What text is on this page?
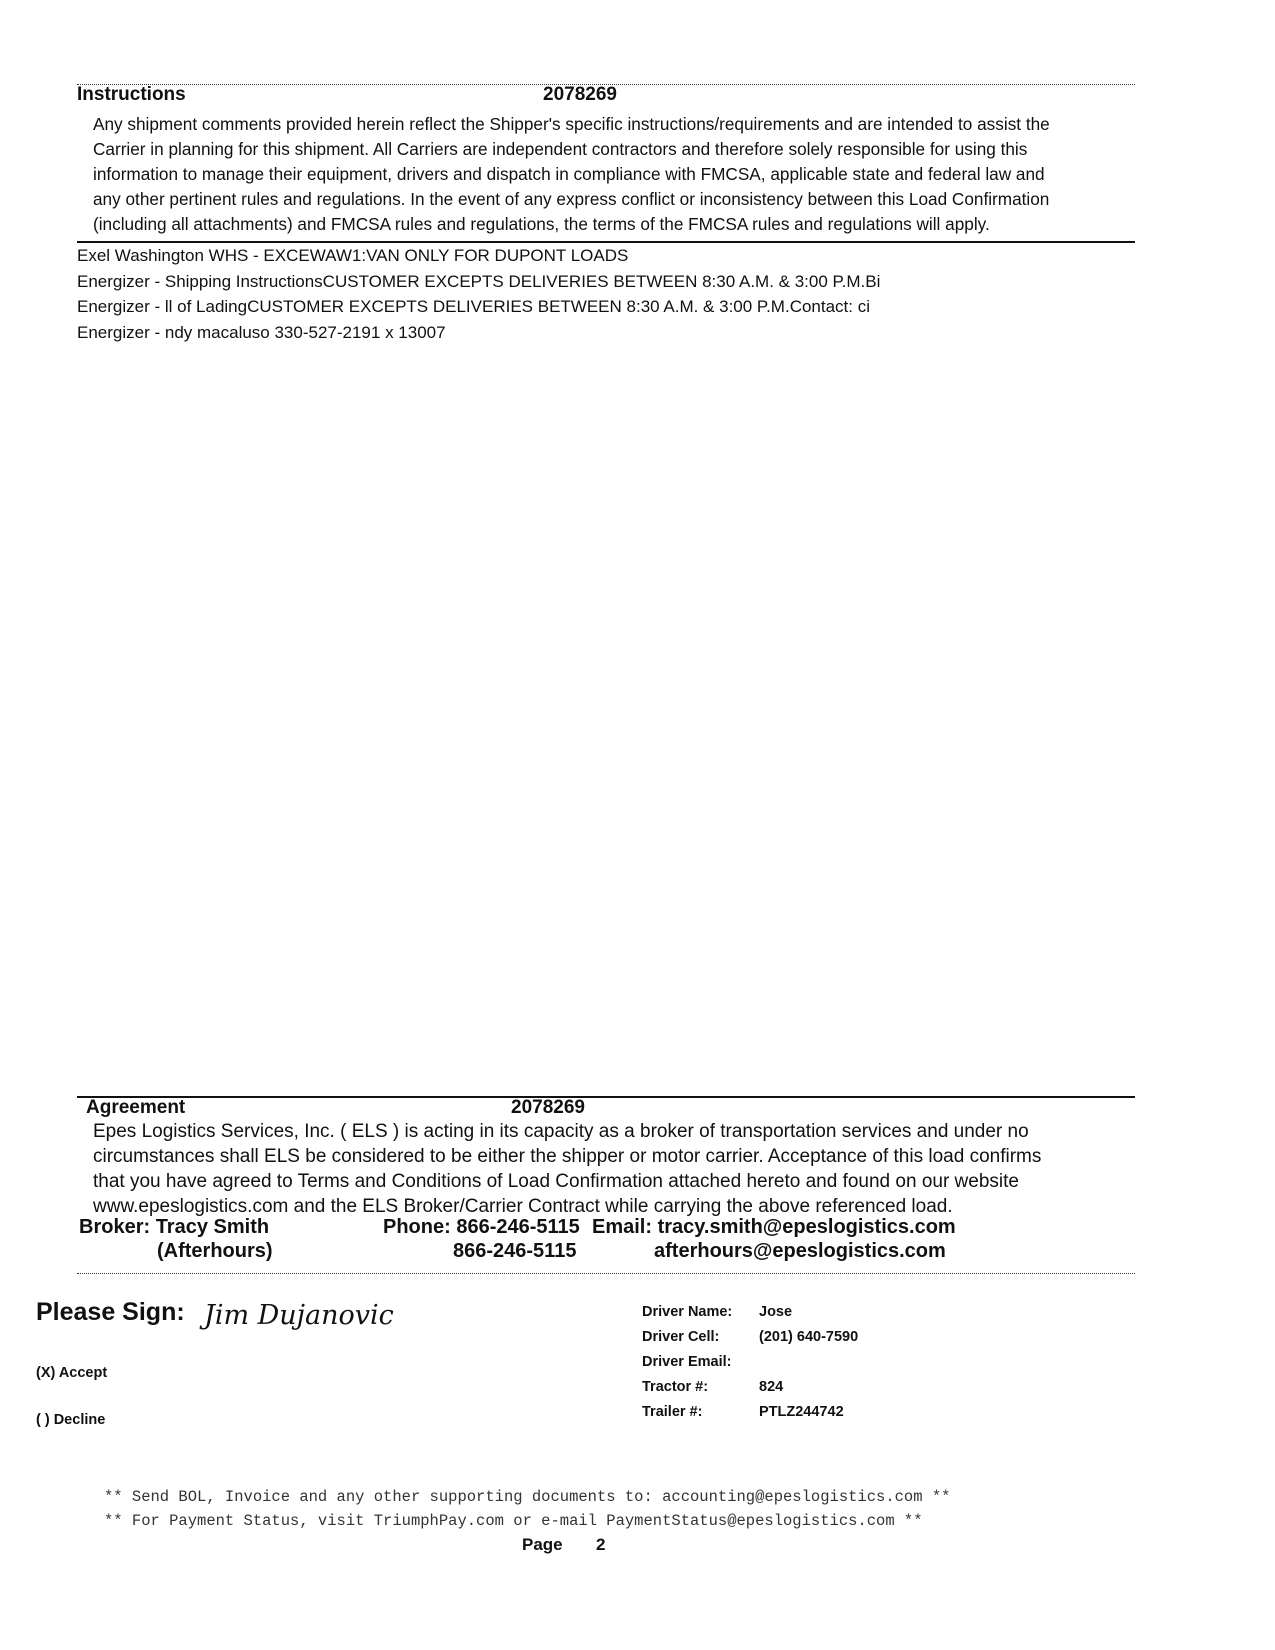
Instructions	2078269
Any shipment comments provided herein reflect the Shipper's specific instructions/requirements and are intended to assist the
Carrier in planning for this shipment. All Carriers are independent contractors and therefore solely responsible for using this
information to manage their equipment, drivers and dispatch in compliance with FMCSA, applicable state and federal law and
any other pertinent rules and regulations. In the event of any express conflict or inconsistency between this Load Confirmation
(including all attachments) and FMCSA rules and regulations, the terms of the FMCSA rules and regulations will apply.
Exel Washington WHS - EXCEWAW1:VAN ONLY FOR DUPONT LOADS
Energizer - Shipping InstructionsCUSTOMER EXCEPTS DELIVERIES BETWEEN 8:30 A.M. & 3:00 P.M.Bi
Energizer - ll of LadingCUSTOMER EXCEPTS DELIVERIES BETWEEN 8:30 A.M. & 3:00 P.M.Contact: ci
Energizer - ndy macaluso 330-527-2191 x 13007
Agreement	2078269
Epes Logistics Services, Inc. ( ELS ) is acting in its capacity as a broker of transportation services and under no
circumstances shall ELS be considered to be either the shipper or motor carrier. Acceptance of this load confirms
that you have agreed to Terms and Conditions of Load Confirmation attached hereto and found on our website
www.epeslogistics.com and the ELS Broker/Carrier Contract while carrying the above referenced load.
Broker: Tracy Smith	Phone: 866-246-5115 Email: tracy.smith@epeslogistics.com
(Afterhours)	866-246-5115	afterhours@epeslogistics.com
Please Sign: Jim Dujanovic
(X) Accept
( ) Decline
Driver Name: Jose
Driver Cell:	(201) 640-7590
Driver Email:
Tractor #:	824
Trailer #:	PTLZ244742
** Send BOL, Invoice and any other supporting documents to: accounting@epeslogistics.com **
** For Payment Status, visit TriumphPay.com or e-mail PaymentStatus@epeslogistics.com **
Page 2
